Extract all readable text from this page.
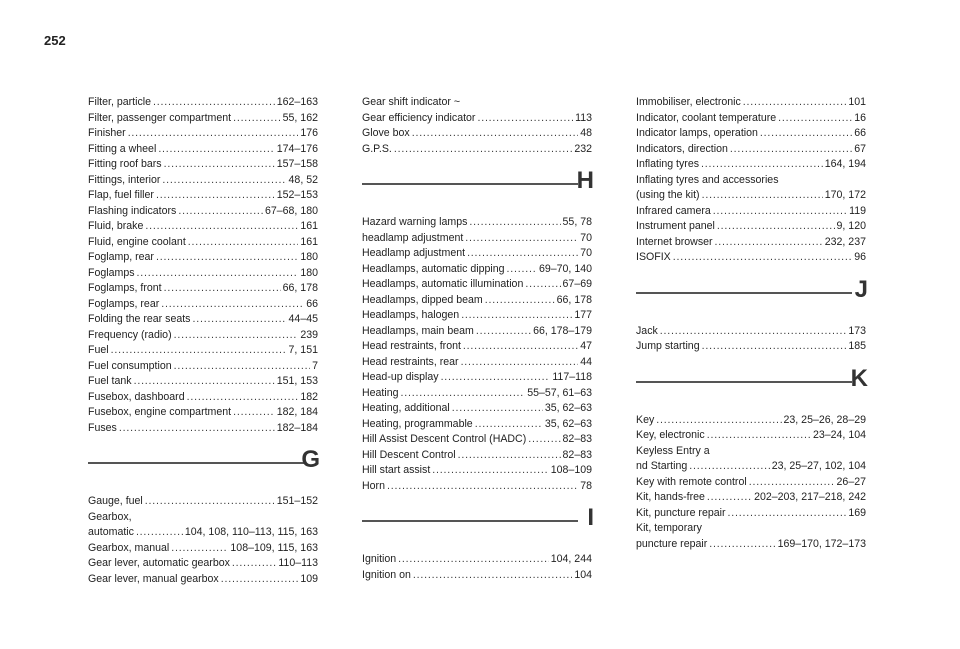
252
Filter, particle .....	162–163
Filter, passenger compartment .....	55, 162
Finisher .....	176
Fitting a wheel .....	174–176
Fitting roof bars .....	157–158
Fittings, interior .....	48, 52
Flap, fuel filler .....	152–153
Flashing indicators .....	67–68, 180
Fluid, brake .....	161
Fluid, engine coolant .....	161
Foglamp, rear .....	180
Foglamps .....	180
Foglamps, front .....	66, 178
Foglamps, rear .....	66
Folding the rear seats .....	44–45
Frequency (radio) .....	239
Fuel .....	7, 151
Fuel consumption .....	7
Fuel tank .....	151, 153
Fusebox, dashboard .....	182
Fusebox, engine compartment .....	182, 184
Fuses .....	182–184
G
Gauge, fuel .....	151–152
Gearbox,
automatic .....	104, 108, 110–113, 115, 163
Gearbox, manual .....	108–109, 115, 163
Gear lever, automatic gearbox .....	110–113
Gear lever, manual gearbox .....	109
Gear shift indicator ~
Gear efficiency indicator .....	113
Glove box .....	48
G.P.S. .....	232
H
Hazard warning lamps .....	55, 78
headlamp adjustment .....	70
Headlamp adjustment .....	70
Headlamps, automatic dipping .....	69–70, 140
Headlamps, automatic illumination .....	67–69
Headlamps, dipped beam .....	66, 178
Headlamps, halogen .....	177
Headlamps, main beam .....	66, 178–179
Head restraints, front .....	47
Head restraints, rear .....	44
Head-up display .....	117–118
Heating .....	55–57, 61–63
Heating, additional .....	35, 62–63
Heating, programmable .....	35, 62–63
Hill Assist Descent Control (HADC) .....	82–83
Hill Descent Control .....	82–83
Hill start assist .....	108–109
Horn .....	78
I
Ignition .....	104, 244
Ignition on .....	104
Immobiliser, electronic .....	101
Indicator, coolant temperature .....	16
Indicator lamps, operation .....	66
Indicators, direction .....	67
Inflating tyres .....	164, 194
Inflating tyres and accessories
(using the kit) .....	170, 172
Infrared camera .....	119
Instrument panel .....	9, 120
Internet browser .....	232, 237
ISOFIX .....	96
J
Jack .....	173
Jump starting .....	185
K
Key .....	23, 25–26, 28–29
Key, electronic .....	23–24, 104
Keyless Entry a
nd Starting .....	23, 25–27, 102, 104
Key with remote control .....	26–27
Kit, hands-free .....	202–203, 217–218, 242
Kit, puncture repair .....	169
Kit, temporary
puncture repair .....	169–170, 172–173
